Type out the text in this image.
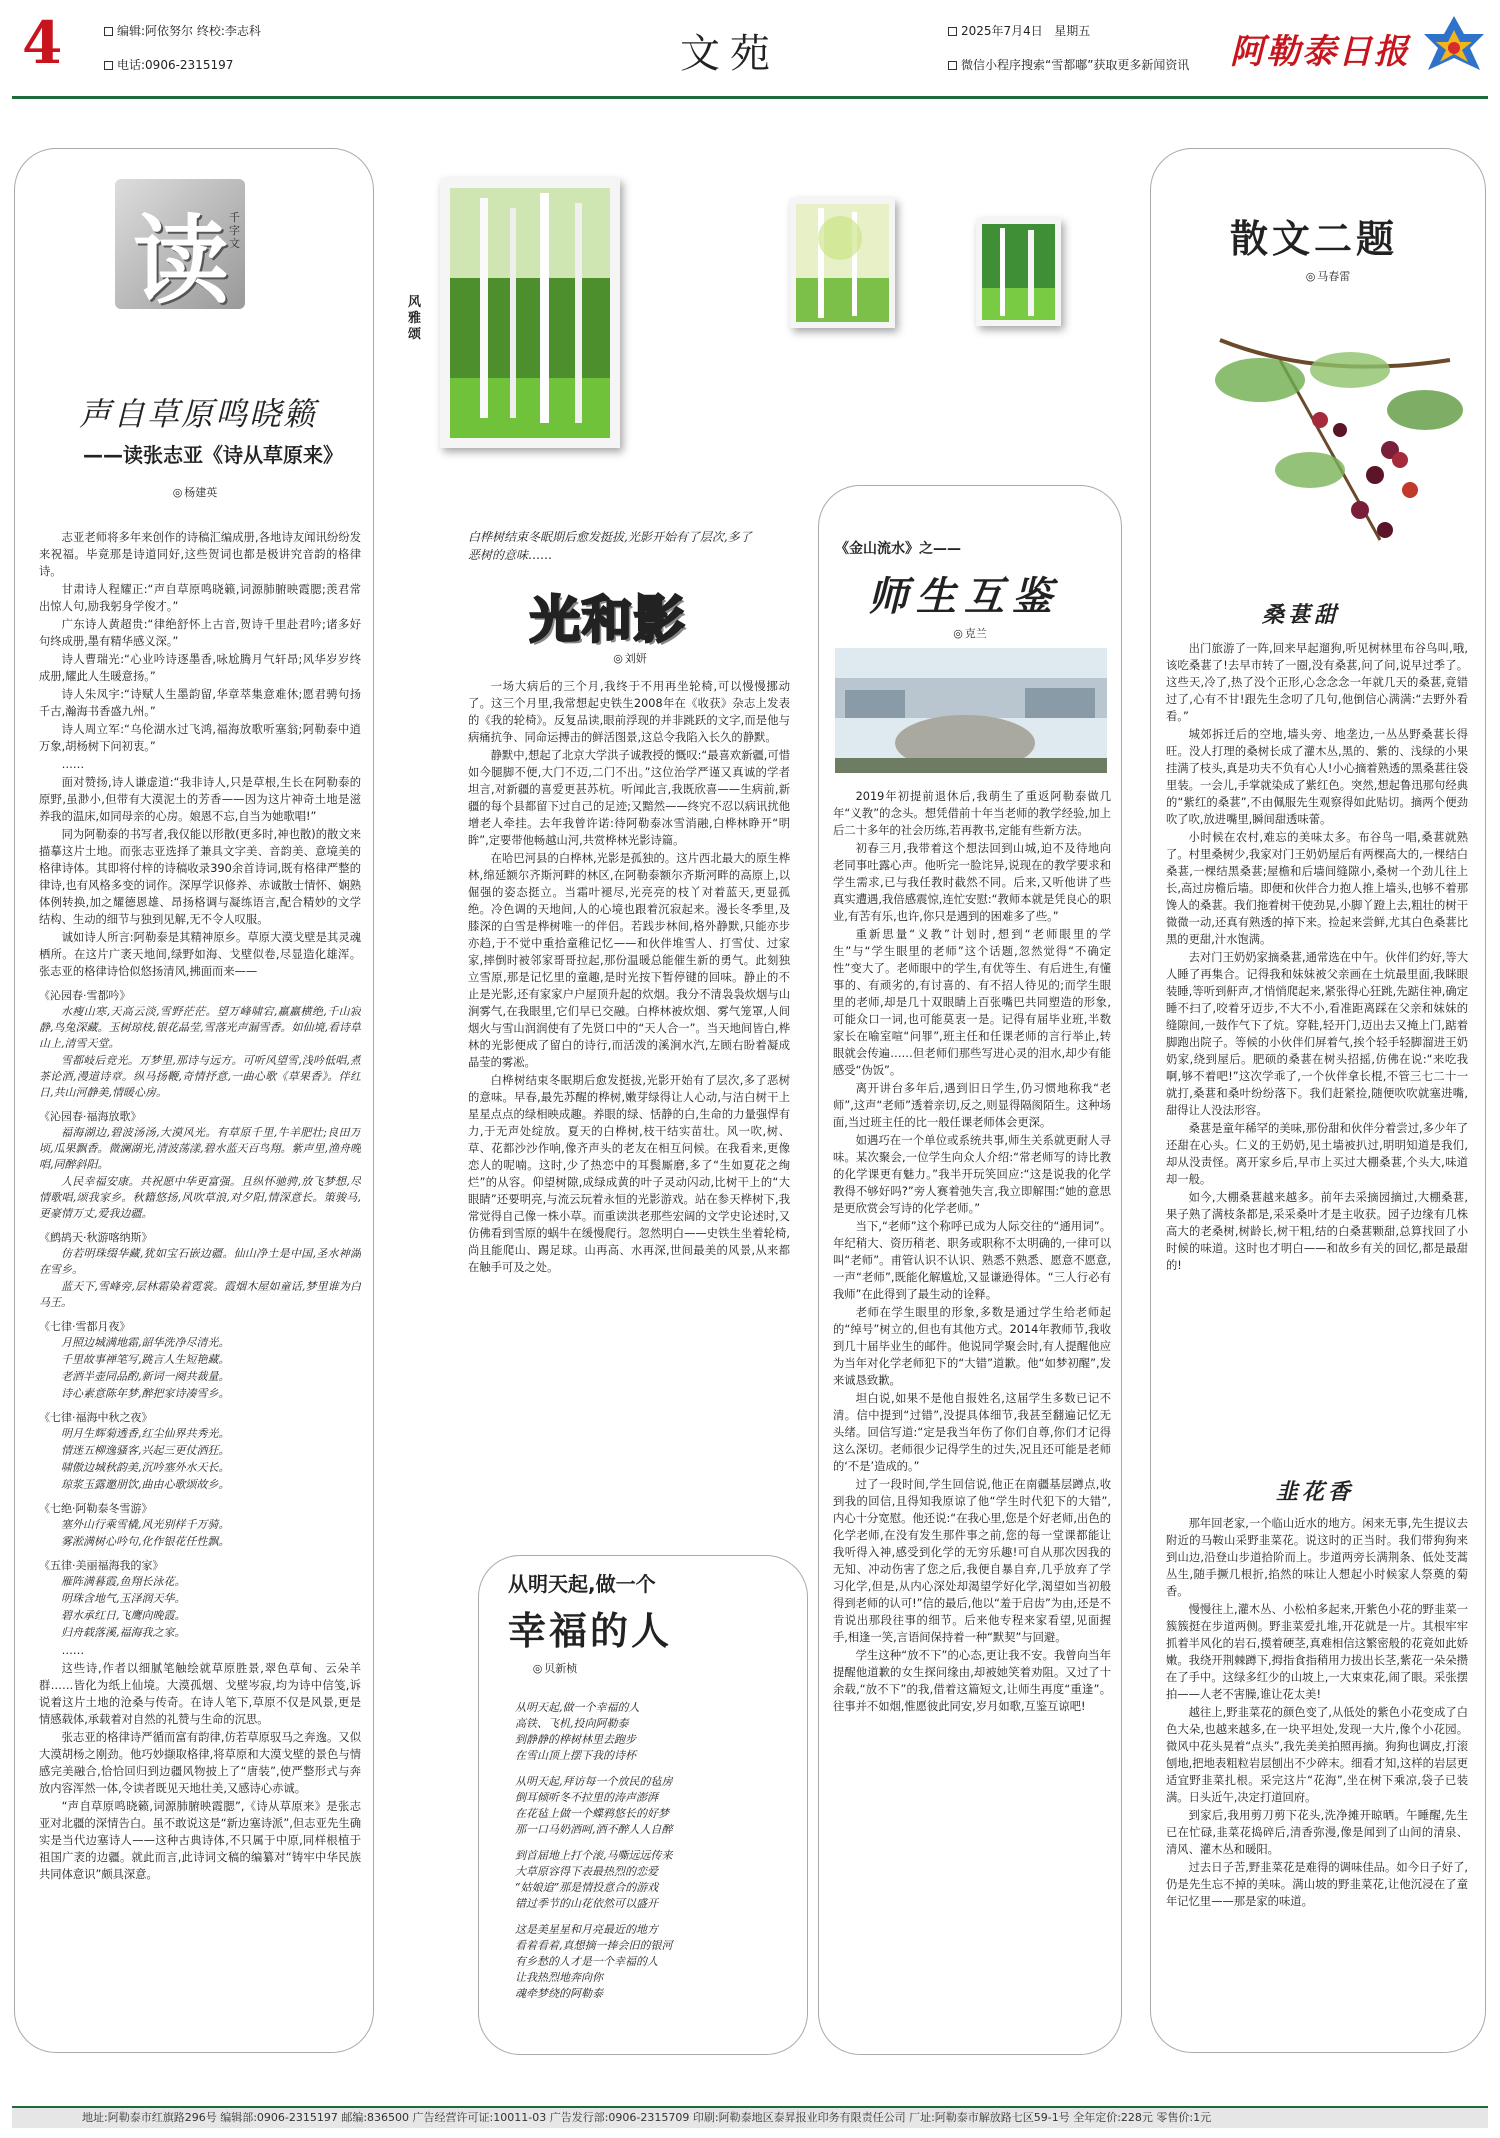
4	编辑:阿依努尔 终校:李志科
电话:0906-2315197	文苑	2025年7月4日 星期五
微信小程序搜索“雪都嘟”获取更多新闻资讯 阿勒泰日报
读 千字文
声自草原鸣晓籁
——读张志亚《诗从草原来》
◎ 杨建英

志亚老师将多年来创作的诗稿汇编成册,各地诗友闻讯纷纷发来祝福。毕竟那是诗道同好,这些贺词也都是极讲究音韵的格律诗。

甘肃诗人程耀正:“声自草原鸣晓籁,词源肺腑映霞腮;羡君常出惊人句,励我躬身学俊才。”

广东诗人黄超贵:“律绝舒怀上古音,贺诗千里赴君吟;诸多好句终成册,墨有精华感义深。”

诗人曹瑞光:“心业吟诗逐墨香,咏尬腾月气轩昂;风华岁岁终成册,耀此人生暖意扬。”

诗人朱凤宇:“诗赋人生墨韵留,华章萃集意难休;愿君骋句扬千古,瀚海书香盛九州。”

诗人周立军:“乌伦湖水过飞鸿,福海放歌听塞翁;阿勒泰中逍万象,胡杨树下问初衷。”

……

面对赞扬,诗人谦虚道:“我非诗人,只是草根,生长在阿勒泰的原野,虽渺小,但带有大漠泥土的芳香——因为这片神奇土地是滋养我的温床,如同母亲的心房。娘恩不忘,自当为她歌唱!”

同为阿勒泰的书写者,我仅能以形散(更多时,神也散)的散文来描摹这片土地。而张志亚选择了兼具文字美、音韵美、意境美的格律诗体。其即将付梓的诗稿收录390余首诗词,既有格律严整的律诗,也有风格多变的词作。深厚学识修养、赤诚散士情怀、娴熟体例转换,加之耀德恩雄、昂扬格调与凝练语言,配合精妙的文学结构、生动的细节与独到见解,无不令人叹服。

诚如诗人所言:阿勒泰是其精神原乡。草原大漠戈壁是其灵魂栖所。在这片广袤天地间,绿野如海、戈壁似卷,尽显造化雄浑。张志亚的格律诗恰似悠扬清风,拂面而来——

《沁园春·雪都吟》

水瘦山寒,天高云淡,雪野茫茫。望万峰啸宕,羸羸横绝,千山寂静,鸟兔深藏。玉树琼枝,银花晶莹,雪落光声漏雪香。如仙境,看诗草山上,清雪天堂。

雪都岐后竞光。万梦里,那诗与远方。可听风望雪,浅吟低唱,煮茶论酒,漫道诗章。纵马扬鞭,奇情抒意,一曲心歌《草果香》。伴红日,共山河静美,情暖心房。

《沁园春·福海放歌》

福海湖边,碧波汤汤,大漠风光。有草原千里,牛羊肥壮;良田万顷,瓜果飘香。微澜湖光,清波荡漾,碧水蓝天百鸟翔。紫声里,渔舟晚唱,同醉斜阳。

人民幸福安康。共祝愿中华更富强。且纵怀驰骋,放飞梦想,尽情歌唱,颂我家乡。秋籍悠扬,风吹草浪,对夕阳,情深意长。策骏马,更豪情万丈,爱我边疆。

《鹧鸪天·秋游喀纳斯》

仿若明珠缀华藏,犹如宝石嵌边疆。仙山净土是中国,圣水神湖在雪乡。

蓝天下,雪峰旁,层林霜染着霓裳。霞烟木屋如童话,梦里谁为白马王。

《七律·雪都月夜》

月照边城满地霜,韶华洗净尽清光。

千里故事禅笔写,跳言人生短艳藏。

老酒半壶同品酌,新词一阕共裁量。

诗心素意陈年梦,醉把家诗凑雪乡。

《七律·福海中秋之夜》

明月生辉菊透香,红尘仙界共秀光。

情迷五柳逸骚客,兴起三更仗酒狂。

啸傲边城秋韵美,沉吟塞外水天长。

琼浆玉露邀朋饮,曲由心歌颂故乡。

《七绝·阿勒泰冬雪游》

塞外山行乘雪橇,风光别样千万骑。

雾淞满树心吟句,化作银花任性飘。

《五律·美丽福海我的家》

雁阵满暮霞,鱼翔长泳花。

明珠含地气,玉泽润天华。

碧水承红日,飞鹰向晚霞。

归舟载落溪,福海我之家。

……

这些诗,作者以细腻笔触绘就草原胜景,翠色草甸、云朵羊群……皆化为纸上仙境。大漠孤烟、戈壁岑寂,均为诗中信笺,诉说着这片土地的沧桑与传奇。在诗人笔下,草原不仅是风景,更是情感载体,承载着对自然的礼赞与生命的沉思。

张志亚的格律诗严循而富有韵律,仿若草原驭马之奔逸。又似大漠胡杨之刚劲。他巧妙撷取格律,将草原和大漠戈壁的景色与情感完美融合,恰恰回归到边疆风物披上了“唐装”,使严整形式与奔放内容浑然一体,令读者既见天地壮美,又感诗心赤诚。

“声自草原鸣晓籁,词源肺腑映霞腮”,《诗从草原来》是张志亚对北疆的深情告白。虽不敢说这是“新边塞诗派”,但志亚先生确实是当代边塞诗人——这种古典诗体,不只属于中原,同样根植于祖国广袤的边疆。就此而言,此诗词文稿的编纂对“铸牢中华民族共同体意识”颇具深意。

风雅颂
白桦树结束冬眠期后愈发挺拔,光影开始有了层次,多了恶树的意味……
光和影
◎ 刘妍

一场大病后的三个月,我终于不用再坐轮椅,可以慢慢挪动了。这三个月里,我常想起史铁生2008年在《收获》杂志上发表的《我的轮椅》。反复品读,眼前浮现的并非跳跃的文字,而是他与病痛抗争、同命运搏击的鲜活图景,这总令我陷入长久的静默。

静默中,想起了北京大学洪子诚教授的慨叹:“最喜欢新疆,可惜如今腿脚不便,大门不迈,二门不出。”这位治学严谨又真诚的学者坦言,对新疆的喜爱更甚苏杭。听闻此言,我既欣喜——生病前,新疆的每个县都留下过自己的足迹;又黯然——终究不忍以病讯扰他增老人牵挂。去年我曾许诺:待阿勒泰冰雪消融,白桦林睁开“明眸”,定要带他畅越山河,共赏桦林光影诗篇。

在哈巴河县的白桦林,光影是孤独的。这片西北最大的原生桦林,绵延额尔齐斯河畔的林区,在阿勒泰额尔齐斯河畔的高原上,以倔强的姿态挺立。当霜叶褪尽,光亮亮的枝丫对着蓝天,更显孤绝。冷色调的天地间,人的心境也跟着沉寂起来。漫长冬季里,及膝深的白雪是桦树唯一的伴侣。若践步林间,格外静默,只能亦步亦趋,于不觉中重拾童稚记忆——和伙伴堆雪人、打雪仗、过家家,摔倒时被邻家哥哥拉起,那份温暖总能催生新的勇气。此刻独立雪原,那是记忆里的童趣,是时光按下暂停键的回味。静止的不止是光影,还有家家户户屋顶升起的炊烟。我分不清袅袅炊烟与山涧雾气,在我眼里,它们早已交融。白桦林被炊烟、雾气笼罩,人间烟火与雪山润润使有了先贤口中的“天人合一”。当天地间皆白,桦林的光影便成了留白的诗行,而活泼的溪涧水汽,左顾右盼着凝成晶莹的雾凇。

白桦树结束冬眠期后愈发挺拔,光影开始有了层次,多了恶树的意味。早春,最先苏醒的桦树,嫩芽绿得让人心动,与洁白树干上星星点点的绿相映成趣。养眼的绿、恬静的白,生命的力量强悍有力,于无声处绽放。夏天的白桦树,枝干结实苗壮。风一吹,树、草、花都沙沙作响,像齐声头的老友在相互问候。在我看来,更像恋人的呢喃。这时,少了热恋中的耳鬓厮磨,多了“生如夏花之绚烂”的从容。仰望树隙,成绿成黄的叶子灵动闪动,比树干上的“大眼睛”还要明亮,与流云玩着永恒的光影游戏。站在参天桦树下,我常觉得自己像一株小草。而重读洪老那些宏阔的文学史论述时,又仿佛看到雪原的蜗牛在缓慢爬行。忽然明白——史铁生坐着轮椅,尚且能爬山、踢足球。山再高、水再深,世间最美的风景,从来都在触手可及之处。

《金山流水》之——
师生互鉴
◎ 克兰

2019年初提前退休后,我萌生了重返阿勒泰做几年“义教”的念头。想凭借前十年当老师的教学经验,加上后二十多年的社会历练,若再教书,定能有些新方法。

初春三月,我带着这个想法回到山城,迫不及待地向老同事吐露心声。他听完一脸诧异,说现在的教学要求和学生需求,已与我任教时截然不同。后来,又听他讲了些真实遭遇,我倍感震惊,连忙安慰:“教师本就是凭良心的职业,有苦有乐,也许,你只是遇到的困难多了些。”

重新思量“义教”计划时,想到“老师眼里的学生”与“学生眼里的老师”这个话题,忽然觉得“不确定性”变大了。老师眼中的学生,有优等生、有后进生,有懂事的、有顽劣的,有讨喜的、有不招人待见的;而学生眼里的老师,却是几十双眼睛上百张嘴巴共同塑造的形象,可能众口一词,也可能莫衷一是。记得有届毕业班,半数家长在喻室喧“问罪”,班主任和任课老师的言行举止,转眼就会传遍……但老师们那些写进心灵的泪水,却少有能感受“伪饭”。

离开讲台多年后,遇到旧日学生,仍习惯地称我“老师”,这声“老师”透着亲切,反之,则显得隔阂陌生。这种场面,当过班主任的比一般任课老师体会更深。

如遇巧在一个单位或系统共事,师生关系就更耐人寻味。某次聚会,一位学生向众人介绍:“常老师写的诗比教的化学课更有魅力。”我半开玩笑回应:“这是说我的化学教得不够好吗?”旁人赛着弛失言,我立即解围:“她的意思是更欣赏会写诗的化学老师。”

当下,“老师”这个称呼已成为人际交往的“通用词”。年纪稍大、资历稍老、职务或职称不太明确的,一律可以叫“老师”。甫管认识不认识、熟悉不熟悉、愿意不愿意,一声“老师”,既能化解尴尬,又显谦逊得体。“三人行必有我师”在此得到了最生动的诠释。

老师在学生眼里的形象,多数是通过学生给老师起的“绰号”树立的,但也有其他方式。2014年教师节,我收到几十届毕业生的邮件。他说同学聚会时,有人提醒他应为当年对化学老师犯下的“大错”道歉。他“如梦初醒”,发来诚恳致歉。

坦白说,如果不是他自报姓名,这届学生多数已记不清。信中提到“过错”,没提具体细节,我甚至翻遍记忆无头绪。回信写道:“定是我当年伤了你们自尊,你们才记得这么深切。老师很少记得学生的过失,况且还可能是老师的‘不是’造成的。”

过了一段时间,学生回信说,他正在南疆基层蹲点,收到我的回信,且得知我原谅了他“学生时代犯下的大错”,内心十分宽慰。他还说:“在我心里,您是个好老师,出色的化学老师,在没有发生那件事之前,您的每一堂课都能让我听得入神,感受到化学的无穷乐趣!可自从那次因我的无知、冲动伤害了您之后,我便自暴自弃,几乎放弃了学习化学,但是,从内心深处却渴望学好化学,渴望如当初般得到老师的认可!”信的最后,他以“羞于启齿”为由,还是不肯说出那段往事的细节。后来他专程来家看望,见面握手,相逢一笑,言语间保持着一种“默契”与回避。

学生这种“放不下”的心态,更让我不安。我曾向当年提醒他道歉的女生探问缘由,却被她笑着劝阻。又过了十余载,“放不下”的我,借着这篇短文,让师生再度“重逢”。往事并不如烟,惟愿彼此同安,岁月如歌,互鉴互谅吧!

从明天起,做一个
幸福的人
◎ 贝新桢
从明天起,做一个幸福的人
高铁、飞机,投向阿勒泰
到静静的桦树林里去跑步
在雪山顶上摆下我的诗杯
从明天起,拜访每一个放民的毡房
倒耳倾听冬不拉里的涛声澎湃
在花毡上做一个蝶鸦悠长的好梦
那一口马奶酒呵,酒不醉人人自醉
到首届地上打个滚,马嘶远远传来
大草原容得下表最热烈的恋爱
“姑娘追”那是情投意合的游戏
错过季节的山花依然可以盛开
这是美星星和月亮最近的地方
看着看着,真想摘一捧会旧的银河
有乡愁的人才是一个幸福的人
让我热烈地奔向你
魂牵梦绕的阿勒泰
散文二题
◎ 马春雷
桑葚甜

出门旅游了一阵,回来早起遛狗,听见树林里布谷鸟叫,哦,该吃桑葚了!去早市转了一圈,没有桑葚,问了问,说早过季了。这些天,冷了,热了没个正形,心念念念一年就几天的桑葚,竟错过了,心有不甘!跟先生念叨了几句,他倒信心满满:“去野外看看。”

城郊拆迁后的空地,墙头旁、地垄边,一丛丛野桑葚长得旺。没人打理的桑树长成了灌木丛,黑的、紫的、浅绿的小果挂满了枝头,真是功夫不负有心人!小心摘着熟透的黑桑葚往袋里装。一会儿,手掌就染成了紫红色。突然,想起鲁迅那句经典的“紫红的桑葚”,不由佩服先生观察得如此贴切。摘两个便劲吹了吹,放进嘴里,瞬间甜透味蕾。

小时候在农村,难忘的美味太多。布谷鸟一唱,桑葚就熟了。村里桑树少,我家对门王奶奶屋后有两棵高大的,一棵结白桑葚,一棵结黑桑葚;屋檐和后墙间缝隙小,桑树一个劲儿往上长,高过房檐后墙。即便和伙伴合力抱人推上墙头,也够不着那馋人的桑葚。我们拖着树干使劲晃,小脚丫蹬上去,粗壮的树干微微一动,还真有熟透的掉下来。捡起来尝鲜,尤其白色桑葚比黑的更甜,汁水饱满。

去对门王奶奶家摘桑葚,通常选在中午。伙伴们约好,等大人睡了再集合。记得我和妹妹被父亲画在土炕最里面,我眯眼装睡,等听到鼾声,才悄悄爬起来,紧张得心狂跳,先踮住神,确定睡不扫了,咬着牙迈步,不大不小,看准距离踩在父亲和妹妹的缝隙间,一鼓作气下了炕。穿鞋,轻开门,迈出去又掩上门,踮着脚跑出院子。等候的小伙伴们屏着气,挨个轻手轻脚溜进王奶奶家,绕到屋后。肥硕的桑葚在树头招摇,仿佛在说:“来吃我啊,够不着吧!”这次学乖了,一个伙伴拿长棍,不管三七二十一就打,桑葚和桑叶纷纷落下。我们赶紧捡,随便吹吹就塞进嘴,甜得让人没法形容。

桑葚是童年稀罕的美味,那份甜和伙伴分着尝过,多少年了还甜在心头。仁义的王奶奶,见土墙被扒过,明明知道是我们,却从没责怪。离开家乡后,早市上买过大棚桑葚,个头大,味道却一般。

如今,大棚桑葚越来越多。前年去采摘园摘过,大棚桑葚,果子熟了满枝条都是,采采桑叶才是主收获。园子边缘有几株高大的老桑树,树龄长,树干粗,结的白桑葚颗甜,总算找回了小时候的味道。这时也才明白——和故乡有关的回忆,都是最甜的!

韭花香

那年回老家,一个临山近水的地方。闲来无事,先生提议去附近的马鞍山采野韭菜花。说这时的正当时。我们带狗狗来到山边,沿登山步道拾阶而上。步道两旁长满荆条、低处芠蒿丛生,随手撅几根折,掐然的味让人想起小时候家人祭奠的菊香。

慢慢往上,灌木丛、小松柏多起来,开紫色小花的野韭菜一簇簇挺在步道两侧。野韭菜爱扎堆,开花就是一片。其根牢牢抓着半风化的岩石,摸着硬茎,真难相信这繁密般的花竟如此娇嫩。我绕开荆棘蹲下,拇指食指稍用力拔出长茎,紫花一朵朵攒在了手中。这绿多红少的山坡上,一大束束花,闹了眼。采张摆拍——人老不害臊,谁让花太美!

越往上,野韭菜花的颜色变了,从低处的紫色小花变成了白色大朵,也越来越多,在一块平坦处,发现一大片,像个小花园。微风中花头晃着“点头”,我先美美拍照再摘。狗狗也调皮,打滚刨地,把地表粗粒岩层刨出不少碎末。细看才知,这样的岩层更适宜野韭菜扎根。采完这片“花海”,坐在树下乘凉,袋子已装满。日头近午,决定打道回府。

到家后,我用剪刀剪下花头,洗净摊开晾晒。午睡醒,先生已在忙碌,韭菜花捣碎后,清香弥漫,像是闻到了山间的清泉、清风、灌木丛和暖阳。

过去日子苦,野韭菜花是难得的调味佳品。如今日子好了,仍是先生忘不掉的美味。满山坡的野韭菜花,让他沉浸在了童年记忆里——那是家的味道。

地址:阿勒泰市红旗路296号 编辑部:0906-2315197 邮编:836500 广告经营许可证:10011-03 广告发行部:0906-2315709 印刷:阿勒泰地区泰昇报业印务有限责任公司 厂址:阿勒泰市解放路七区59-1号 全年定价:228元 零售价:1元
